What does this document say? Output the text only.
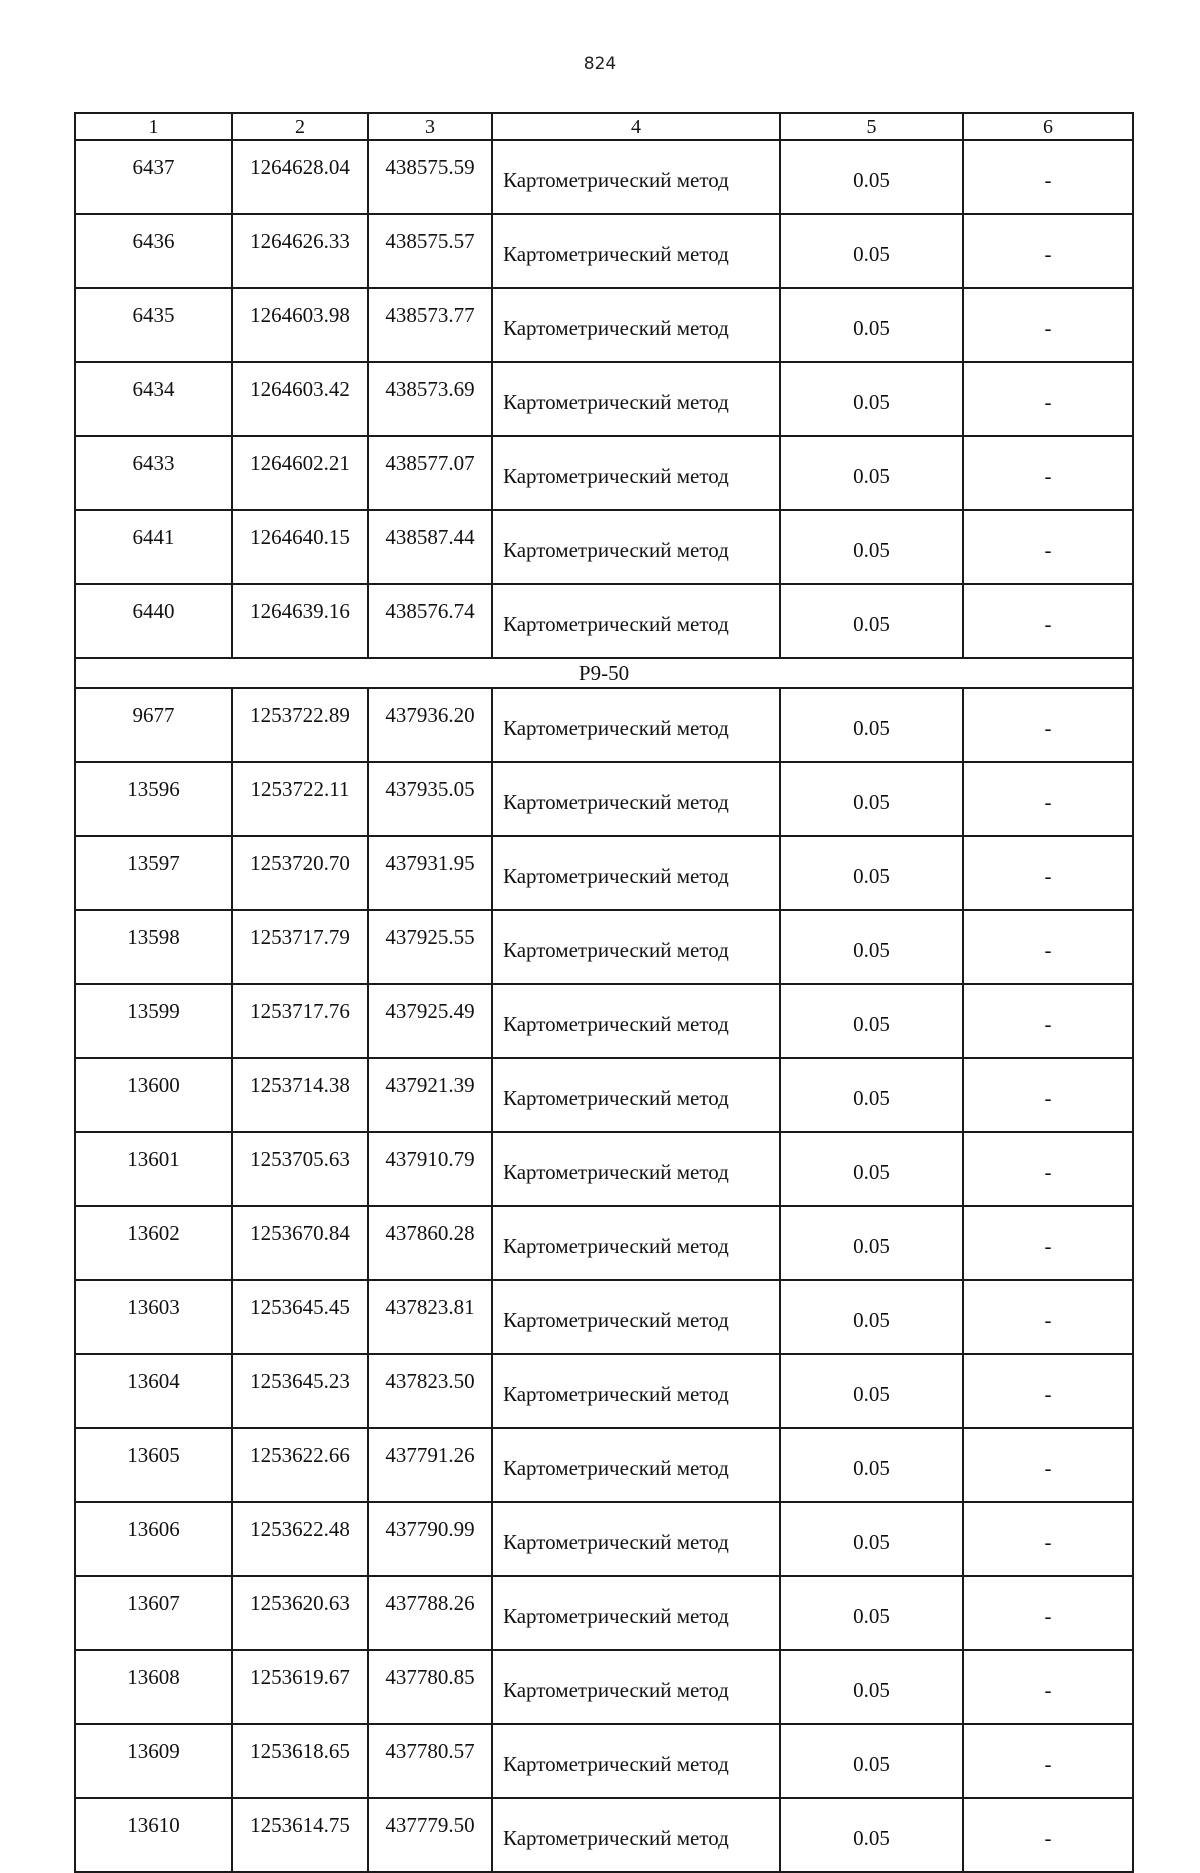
824
1	2	3	4	5	6
6437	1264628.04	438575.59	Картометрический метод	0.05	-
6436	1264626.33	438575.57	Картометрический метод	0.05	-
6435	1264603.98	438573.77	Картометрический метод	0.05	-
6434	1264603.42	438573.69	Картометрический метод	0.05	-
6433	1264602.21	438577.07	Картометрический метод	0.05	-
6441	1264640.15	438587.44	Картометрический метод	0.05	-
6440	1264639.16	438576.74	Картометрический метод	0.05	-
Р9-50					
9677	1253722.89	437936.20	Картометрический метод	0.05	-
13596	1253722.11	437935.05	Картометрический метод	0.05	-
13597	1253720.70	437931.95	Картометрический метод	0.05	-
13598	1253717.79	437925.55	Картометрический метод	0.05	-
13599	1253717.76	437925.49	Картометрический метод	0.05	-
13600	1253714.38	437921.39	Картометрический метод	0.05	-
13601	1253705.63	437910.79	Картометрический метод	0.05	-
13602	1253670.84	437860.28	Картометрический метод	0.05	-
13603	1253645.45	437823.81	Картометрический метод	0.05	-
13604	1253645.23	437823.50	Картометрический метод	0.05	-
13605	1253622.66	437791.26	Картометрический метод	0.05	-
13606	1253622.48	437790.99	Картометрический метод	0.05	-
13607	1253620.63	437788.26	Картометрический метод	0.05	-
13608	1253619.67	437780.85	Картометрический метод	0.05	-
13609	1253618.65	437780.57	Картометрический метод	0.05	-
13610	1253614.75	437779.50	Картометрический метод	0.05	-
